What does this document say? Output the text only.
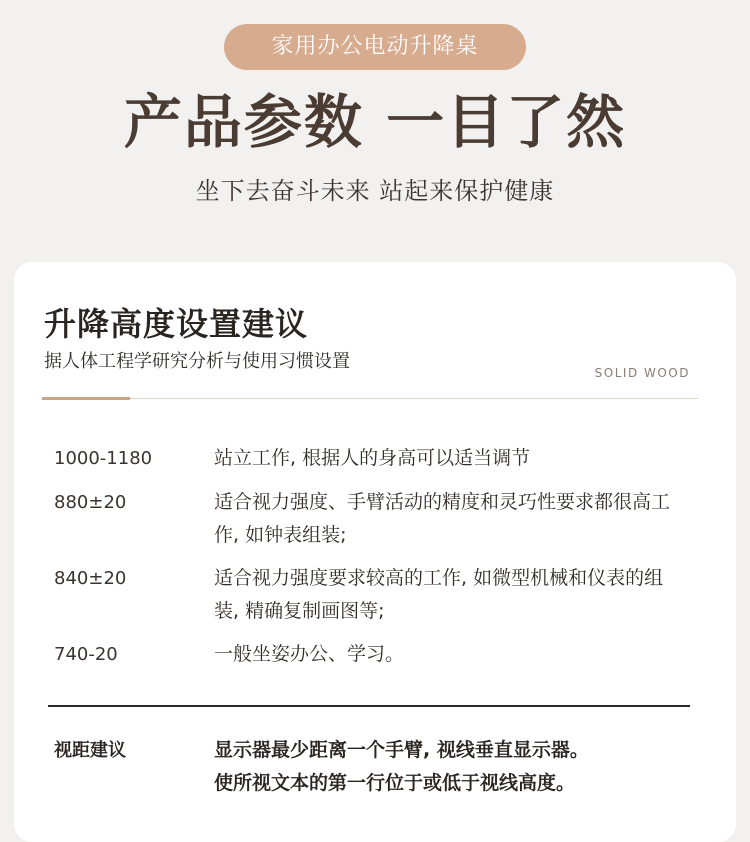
家用办公电动升降桌
产品参数 一目了然
坐下去奋斗未来 站起来保护健康
升降高度设置建议
据人体工程学研究分析与使用习惯设置
SOLID WOOD
1000-1180	站立工作, 根据人的身高可以适当调节
880±20	适合视力强度、手臂活动的精度和灵巧性要求都很高工作, 如钟表组装;
840±20	适合视力强度要求较高的工作, 如微型机械和仪表的组装, 精确复制画图等;
740-20	一般坐姿办公、学习。
视距建议	显示器最少距离一个手臂, 视线垂直显示器。
使所视文本的第一行位于或低于视线高度。
